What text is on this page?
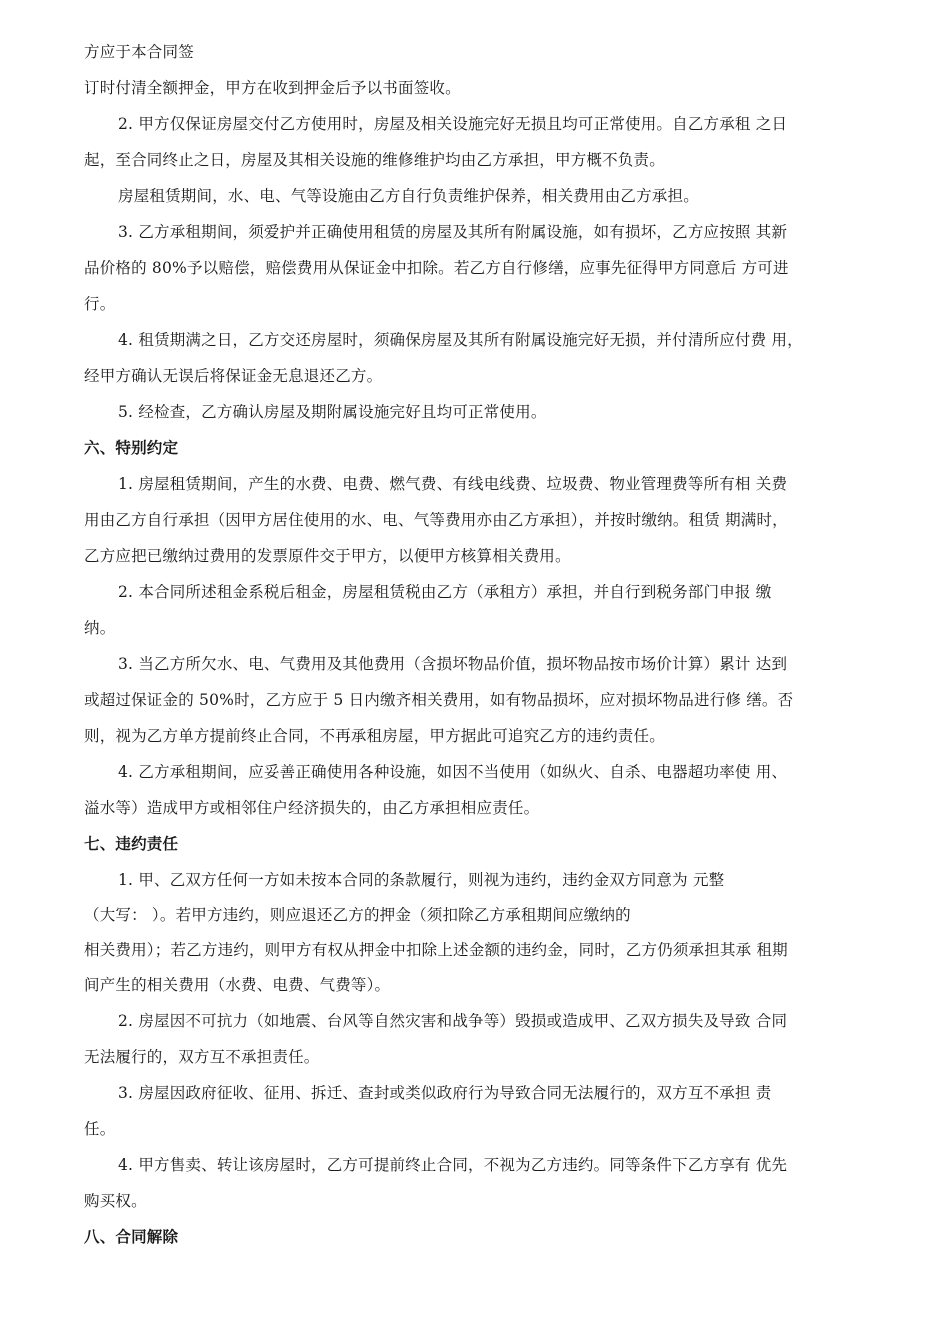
方应于本合同签
订时付清全额押金，甲方在收到押金后予以书面签收。
2. 甲方仅保证房屋交付乙方使用时，房屋及相关设施完好无损且均可正常使用。自乙方承租 之日
起，至合同终止之日，房屋及其相关设施的维修维护均由乙方承担，甲方概不负责。
房屋租赁期间，水、电、气等设施由乙方自行负责维护保养，相关费用由乙方承担。
3. 乙方承租期间，须爱护并正确使用租赁的房屋及其所有附属设施，如有损坏，乙方应按照 其新
品价格的 80%予以赔偿，赔偿费用从保证金中扣除。若乙方自行修缮，应事先征得甲方同意后 方可进
行。
4. 租赁期满之日，乙方交还房屋时，须确保房屋及其所有附属设施完好无损，并付清所应付费 用，
经甲方确认无误后将保证金无息退还乙方。
5. 经检查，乙方确认房屋及期附属设施完好且均可正常使用。
六、特别约定
1. 房屋租赁期间，产生的水费、电费、燃气费、有线电线费、垃圾费、物业管理费等所有相 关费
用由乙方自行承担（因甲方居住使用的水、电、气等费用亦由乙方承担），并按时缴纳。租赁 期满时，
乙方应把已缴纳过费用的发票原件交于甲方，以便甲方核算相关费用。
2. 本合同所述租金系税后租金，房屋租赁税由乙方（承租方）承担，并自行到税务部门申报 缴
纳。
3. 当乙方所欠水、电、气费用及其他费用（含损坏物品价值，损坏物品按市场价计算）累计 达到
或超过保证金的 50%时，乙方应于 5 日内缴齐相关费用，如有物品损坏，应对损坏物品进行修 缮。否
则，视为乙方单方提前终止合同，不再承租房屋，甲方据此可追究乙方的违约责任。
4. 乙方承租期间，应妥善正确使用各种设施，如因不当使用（如纵火、自杀、电器超功率使 用、
溢水等）造成甲方或相邻住户经济损失的，由乙方承担相应责任。
七、违约责任
1. 甲、乙双方任何一方如未按本合同的条款履行，则视为违约，违约金双方同意为 元整
（大写： ）。若甲方违约，则应退还乙方的押金（须扣除乙方承租期间应缴纳的
相关费用）；若乙方违约，则甲方有权从押金中扣除上述金额的违约金，同时，乙方仍须承担其承 租期
间产生的相关费用（水费、电费、气费等）。
2. 房屋因不可抗力（如地震、台风等自然灾害和战争等）毁损或造成甲、乙双方损失及导致 合同
无法履行的，双方互不承担责任。
3. 房屋因政府征收、征用、拆迁、查封或类似政府行为导致合同无法履行的，双方互不承担 责
任。
4. 甲方售卖、转让该房屋时，乙方可提前终止合同，不视为乙方违约。同等条件下乙方享有 优先
购买权。
八、合同解除
